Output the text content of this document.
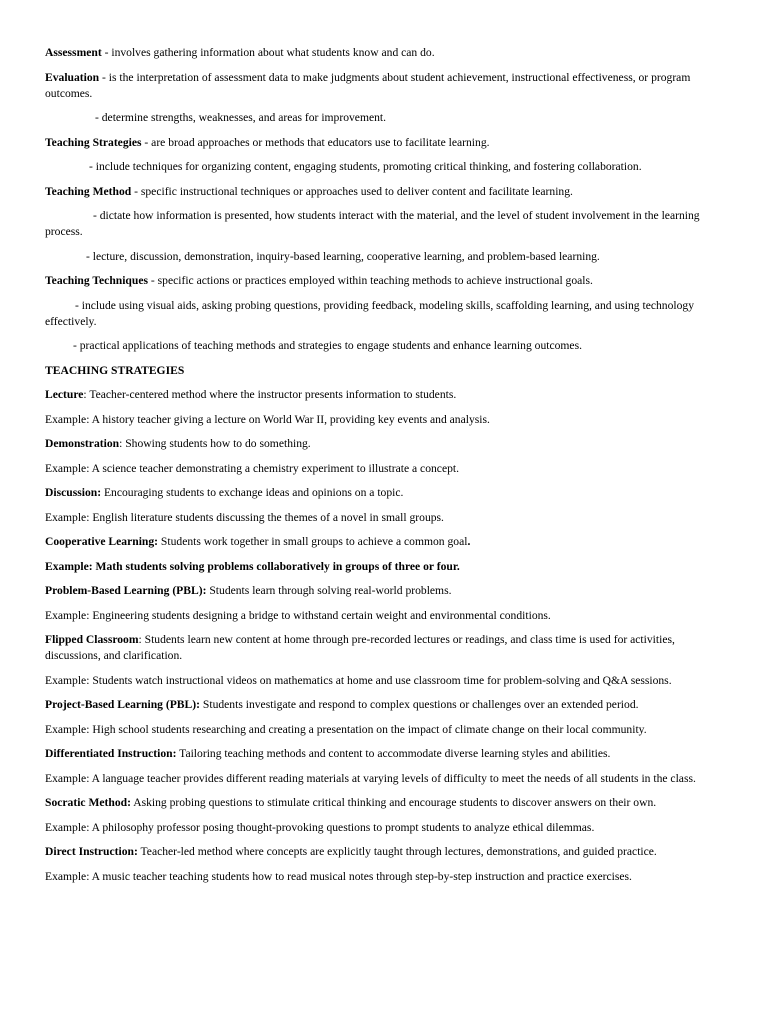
Assessment - involves gathering information about what students know and can do.

Evaluation - is the interpretation of assessment data to make judgments about student achievement, instructional effectiveness, or program outcomes.

- determine strengths, weaknesses, and areas for improvement.

Teaching Strategies - are broad approaches or methods that educators use to facilitate learning.

- include techniques for organizing content, engaging students, promoting critical thinking, and fostering collaboration.

Teaching Method - specific instructional techniques or approaches used to deliver content and facilitate learning.

- dictate how information is presented, how students interact with the material, and the level of student involvement in the learning process.

- lecture, discussion, demonstration, inquiry-based learning, cooperative learning, and problem-based learning.

Teaching Techniques - specific actions or practices employed within teaching methods to achieve instructional goals.

- include using visual aids, asking probing questions, providing feedback, modeling skills, scaffolding learning, and using technology effectively.

- practical applications of teaching methods and strategies to engage students and enhance learning outcomes.

TEACHING STRATEGIES

Lecture: Teacher-centered method where the instructor presents information to students.

Example: A history teacher giving a lecture on World War II, providing key events and analysis.

Demonstration: Showing students how to do something.

Example: A science teacher demonstrating a chemistry experiment to illustrate a concept.

Discussion: Encouraging students to exchange ideas and opinions on a topic.

Example: English literature students discussing the themes of a novel in small groups.

Cooperative Learning: Students work together in small groups to achieve a common goal.

Example: Math students solving problems collaboratively in groups of three or four.

Problem-Based Learning (PBL): Students learn through solving real-world problems.

Example: Engineering students designing a bridge to withstand certain weight and environmental conditions.

Flipped Classroom: Students learn new content at home through pre-recorded lectures or readings, and class time is used for activities, discussions, and clarification.

Example: Students watch instructional videos on mathematics at home and use classroom time for problem-solving and Q&A sessions.

Project-Based Learning (PBL): Students investigate and respond to complex questions or challenges over an extended period.

Example: High school students researching and creating a presentation on the impact of climate change on their local community.

Differentiated Instruction: Tailoring teaching methods and content to accommodate diverse learning styles and abilities.

Example: A language teacher provides different reading materials at varying levels of difficulty to meet the needs of all students in the class.

Socratic Method: Asking probing questions to stimulate critical thinking and encourage students to discover answers on their own.

Example: A philosophy professor posing thought-provoking questions to prompt students to analyze ethical dilemmas.

Direct Instruction: Teacher-led method where concepts are explicitly taught through lectures, demonstrations, and guided practice.

Example: A music teacher teaching students how to read musical notes through step-by-step instruction and practice exercises.
